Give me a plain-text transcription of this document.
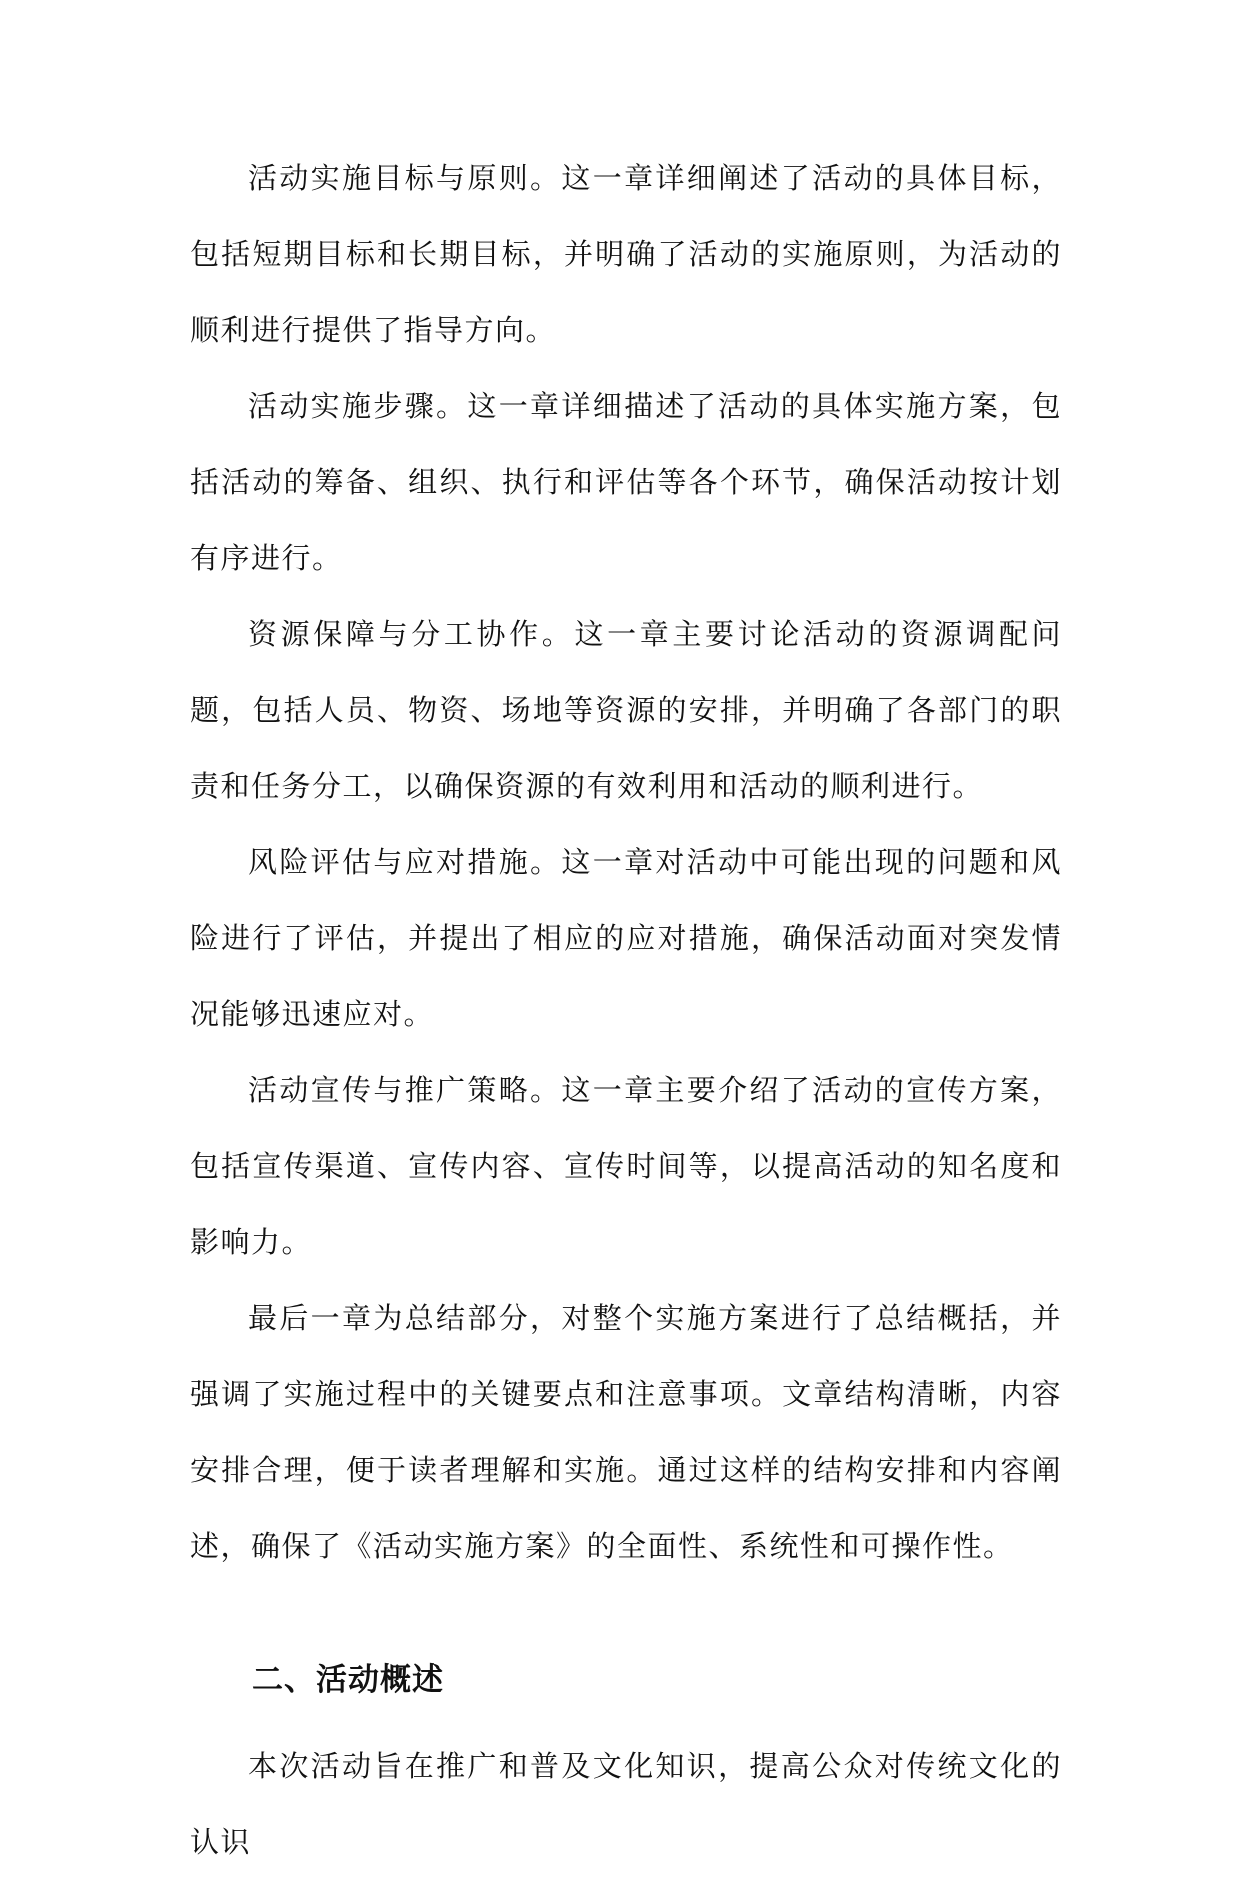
活动实施目标与原则。这一章详细阐述了活动的具体目标，包括短期目标和长期目标，并明确了活动的实施原则，为活动的顺利进行提供了指导方向。

活动实施步骤。这一章详细描述了活动的具体实施方案，包括活动的筹备、组织、执行和评估等各个环节，确保活动按计划有序进行。

资源保障与分工协作。这一章主要讨论活动的资源调配问题，包括人员、物资、场地等资源的安排，并明确了各部门的职责和任务分工，以确保资源的有效利用和活动的顺利进行。

风险评估与应对措施。这一章对活动中可能出现的问题和风险进行了评估，并提出了相应的应对措施，确保活动面对突发情况能够迅速应对。

活动宣传与推广策略。这一章主要介绍了活动的宣传方案，包括宣传渠道、宣传内容、宣传时间等，以提高活动的知名度和影响力。

最后一章为总结部分，对整个实施方案进行了总结概括，并强调了实施过程中的关键要点和注意事项。文章结构清晰，内容安排合理，便于读者理解和实施。通过这样的结构安排和内容阐述，确保了《活动实施方案》的全面性、系统性和可操作性。

二、活动概述

本次活动旨在推广和普及文化知识，提高公众对传统文化的认识
